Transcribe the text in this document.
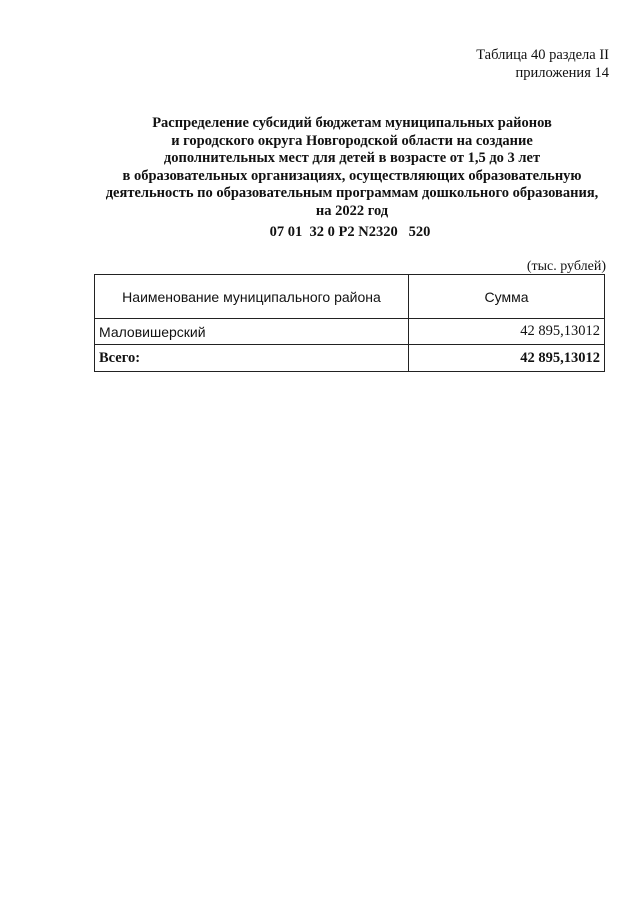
Таблица 40 раздела II
приложения 14
Распределение субсидий бюджетам муниципальных районов
и городского округа Новгородской области на создание
дополнительных мест для детей в возрасте от 1,5 до 3 лет
в образовательных организациях, осуществляющих образовательную
деятельность по образовательным программам дошкольного образования,
на 2022 год
07 01  32 0 Р2 N2320   520
(тыс. рублей)
Наименование муниципального района	Сумма
Маловишерский	42 895,13012
Всего:	42 895,13012
